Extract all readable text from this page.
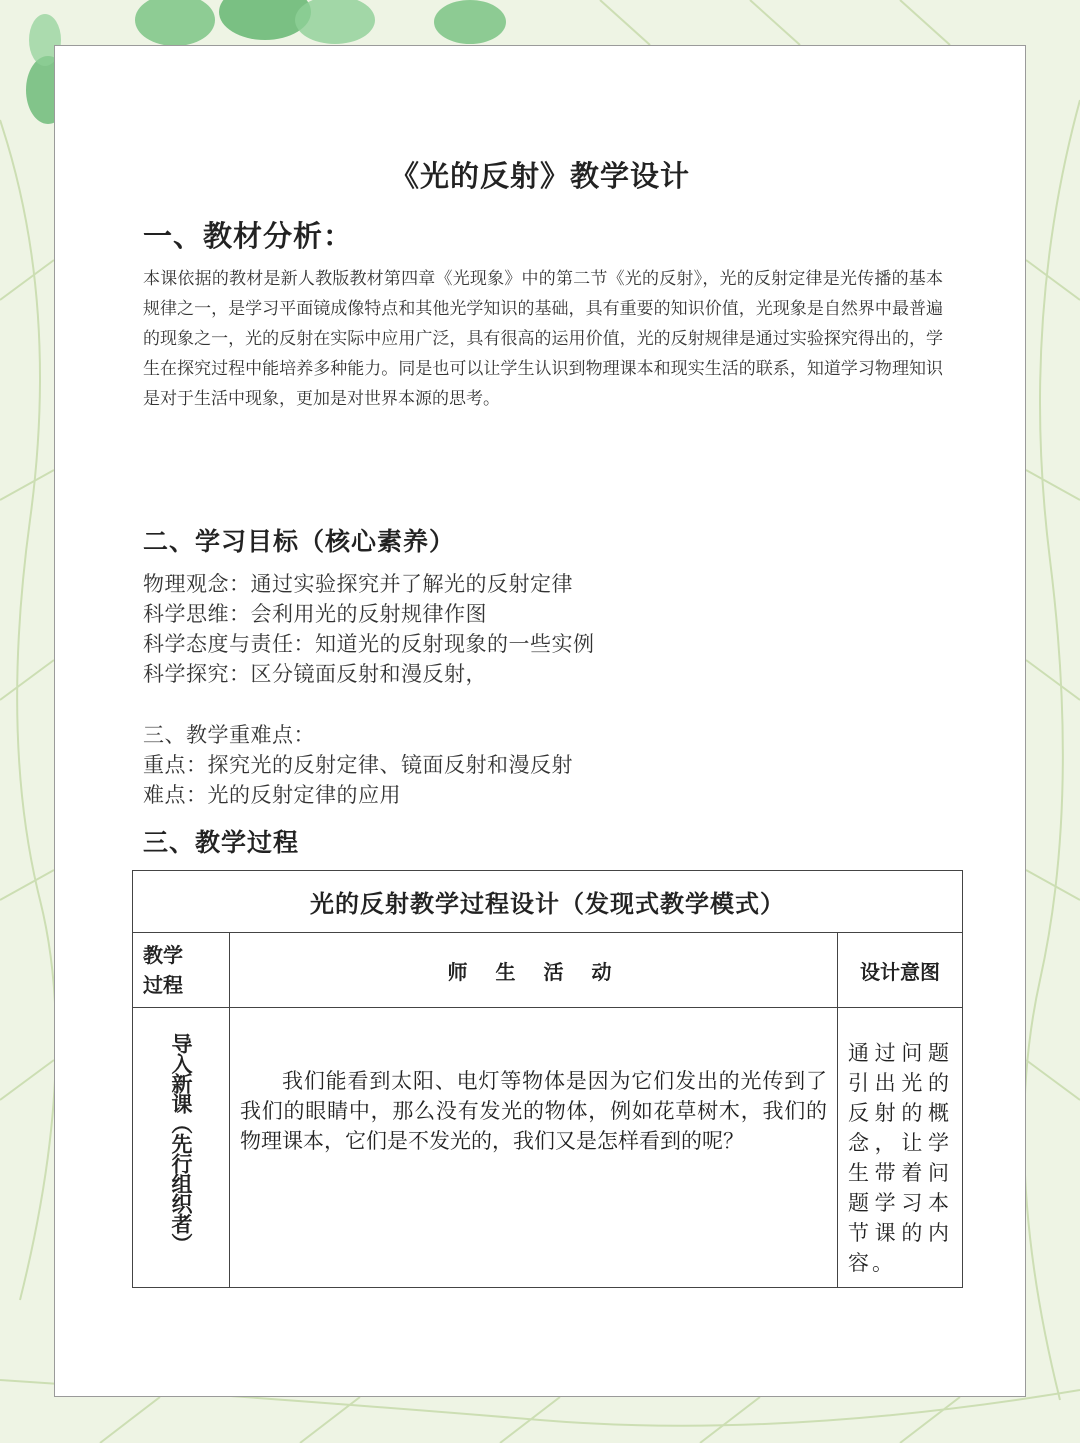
《光的反射》教学设计
一、教材分析：

本课依据的教材是新人教版教材第四章《光现象》中的第二节《光的反射》，光的反射定律是光传播的基本规律之一，是学习平面镜成像特点和其他光学知识的基础，具有重要的知识价值，光现象是自然界中最普遍的现象之一，光的反射在实际中应用广泛，具有很高的运用价值，光的反射规律是通过实验探究得出的，学生在探究过程中能培养多种能力。同是也可以让学生认识到物理课本和现实生活的联系，知道学习物理知识是对于生活中现象，更加是对世界本源的思考。

二、学习目标（核心素养）

物理观念：通过实验探究并了解光的反射定律

科学思维：会利用光的反射规律作图

科学态度与责任：知道光的反射现象的一些实例

科学探究：区分镜面反射和漫反射，

三、教学重难点：

重点：探究光的反射定律、镜面反射和漫反射

难点：光的反射定律的应用

三、教学过程
光的反射教学过程设计（发现式教学模式）		

教学过程	师生活动	设计意图

导入新课（先行组织者）	我们能看到太阳、电灯等物体是因为它们发出的光传到了我们的眼睛中，那么没有发光的物体，例如花草树木，我们的物理课本，它们是不发光的，我们又是怎样看到的呢？	通过问题引出光的反射的概念，让学生带着问题学习本节课的内容。
